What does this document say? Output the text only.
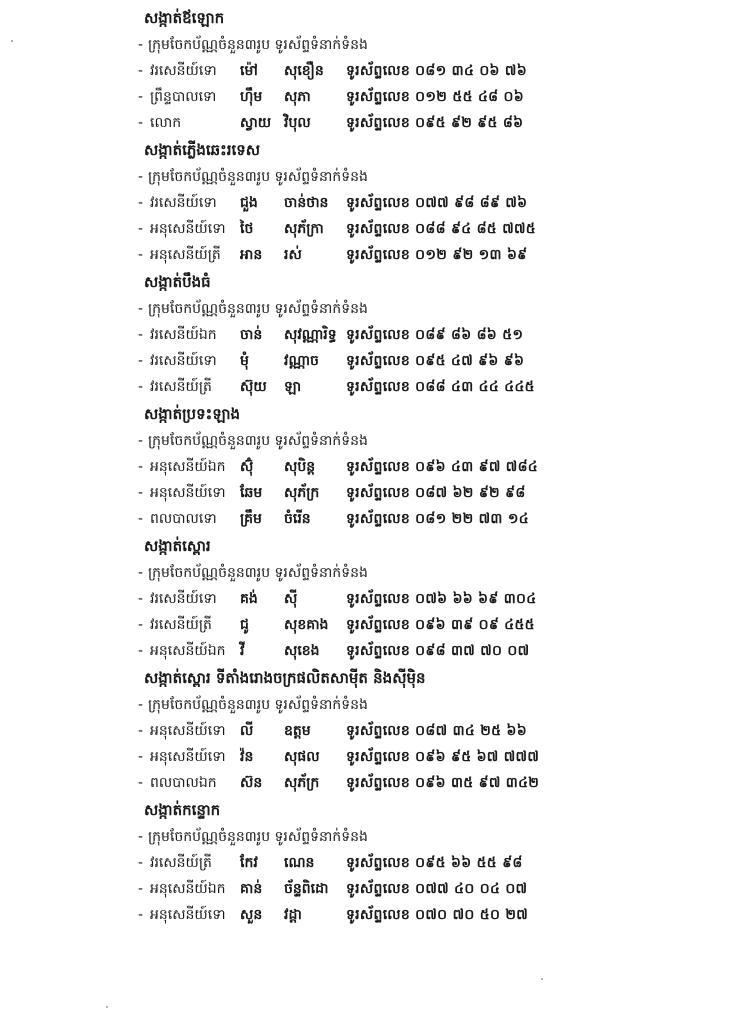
សង្កាត់ឪឡោក
- ក្រុមចែកប័ណ្ណចំនួន៣រូប ទូរស័ព្ទទំនាក់ទំនង
- វរសេនីយ៍ទោ ម៉ៅ សុខឿន ទូរស័ព្ទលេខ ០៨១ ៣៤ ០៦ ៧៦
- ព្រឹន្ទបាលទោ ហ៊ឹម សុភា	ទូរស័ព្ទលេខ ០១២ ៥៥ ៤៨ ០៦
- លោក	ស្វាយ វិបុល	ទូរស័ព្ទលេខ ០៩៥ ៩២ ៩៥ ៨៦
សង្កាត់ភ្លើងឆេះរទេស
- ក្រុមចែកប័ណ្ណចំនួន៣រូប ទូរស័ព្ទទំនាក់ទំនង
- វរសេនីយ៍ទោ ជួង ចាន់ថាន ទូរស័ព្ទលេខ ០៧៧ ៩៨ ៨៩ ៧៦
- អនុសេនីយ៍ទោ ថៃ សុភ័ក្រា ទូរស័ព្ទលេខ ០៨៨ ៩៤ ៨៥ ៧៧៥
- អនុសេនីយ៍ត្រី អាន រស់	ទូរស័ព្ទលេខ ០១២ ៩២ ១៣ ៦៩
សង្កាត់បឹងធំ
- ក្រុមចែកប័ណ្ណចំនួន៣រូប ទូរស័ព្ទទំនាក់ទំនង
- វរសេនីយ៍ឯក ចាន់ សុវណ្ណារិទ្ធ ទូរស័ព្ទលេខ ០៨៩ ៨៦ ៨៦ ៥១
- វរសេនីយ៍ទោ មុំ	វណ្ណាច ទូរស័ព្ទលេខ ០៩៥ ៤៧ ៩៦ ៩៦
- វរសេនីយ៍ត្រី ស៊ុយ ឡា	ទូរស័ព្ទលេខ ០៨៨ ៤៣ ៤៤ ៤៤៥
សង្កាត់ប្រទះឡាង
- ក្រុមចែកប័ណ្ណចំនួន៣រូប ទូរស័ព្ទទំនាក់ទំនង
- អនុសេនីយ៍ឯក ស៊ុំ សុបិន្ត ទូរស័ព្ទលេខ ០៩៦ ៤៣ ៩៧ ៧៨៤
- អនុសេនីយ៍ទោ ឆែម សុភ័ក្រ ទូរស័ព្ទលេខ ០៨៧ ៦២ ៩២ ៩៨
- ពលបាលទោ គ្រឹម ចំរើន	ទូរស័ព្ទលេខ ០៨១ ២២ ៧៣ ១៤
សង្កាត់ស្ពោរ
- ក្រុមចែកប័ណ្ណចំនួន៣រូប ទូរស័ព្ទទំនាក់ទំនង
- វរសេនីយ៍ទោ គង់ ស៊ី	ទូរស័ព្ទលេខ ០៧៦ ៦៦ ៦៩ ៣០៤
- វរសេនីយ៍ត្រី ជូ	សុខគាង ទូរស័ព្ទលេខ ០៩៦ ៣៩ ០៩ ៤៥៥
- អនុសេនីយ៍ឯក វី	សុខេង ទូរស័ព្ទលេខ ០៩៨ ៣៧ ៧០ ០៧
សង្កាត់ស្ពោរ ទីតាំងរោងចក្រផលិតសាម៉ីត និងស៊ីម៉ិន
- ក្រុមចែកប័ណ្ណចំនួន៣រូប ទូរស័ព្ទទំនាក់ទំនង
- អនុសេនីយ៍ទោ លី ឧត្តម	ទូរស័ព្ទលេខ ០៨៧ ៣៤ ២៥ ៦៦
- អនុសេនីយ៍ទោ វ៉ន សុផល ទូរស័ព្ទលេខ ០៩៦ ៩៥ ៦៧ ៧៧៧
- ពលបាលឯក ស៊ន សុភ័ក្រ ទូរស័ព្ទលេខ ០៩៦ ៣៥ ៩៧ ៣៤២
សង្កាត់កន្ទោក
- ក្រុមចែកប័ណ្ណចំនួន៣រូប ទូរស័ព្ទទំនាក់ទំនង
- វរសេនីយ៍ត្រី កែវ ណេន ទូរស័ព្ទលេខ ០៩៥ ៦៦ ៥៥ ៩៨
- អនុសេនីយ៍ឯក គាន់ ច័ន្ទពិដោ ទូរស័ព្ទលេខ ០៧៧ ៤០ ០៤ ០៧
- អនុសេនីយ៍ទោ សួន វដ្តា	ទូរស័ព្ទលេខ ០៧០ ៧០ ៥០ ២៧
